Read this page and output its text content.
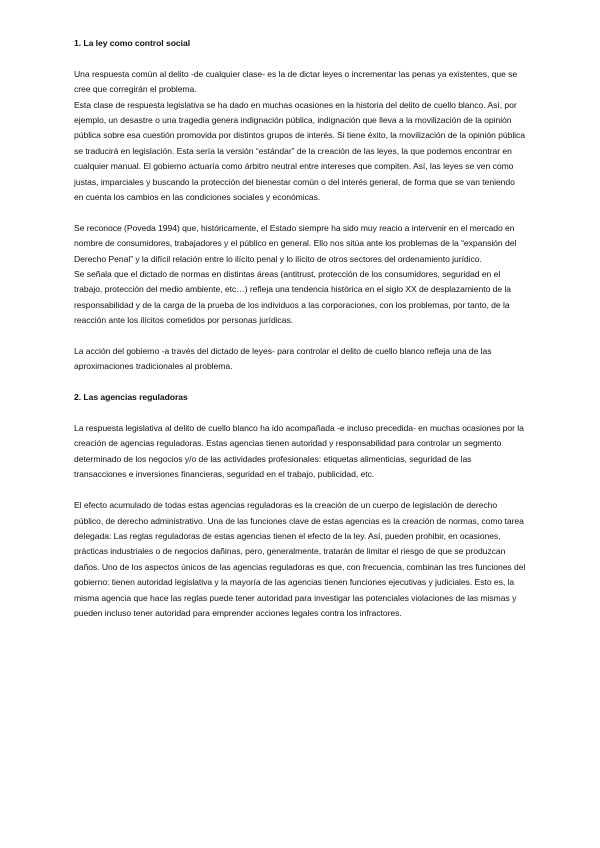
1. La ley como control social

Una respuesta común al delito -de cualquier clase- es la de dictar leyes o incrementar las penas ya existentes, que se cree que corregirán el problema.

Esta clase de respuesta legislativa se ha dado en muchas ocasiones en la historia del delito de cuello blanco. Así, por ejemplo, un desastre o una tragedia genera indignación pública, indignación que lleva a la movilización de la opinión pública sobre esa cuestión promovida por distintos grupos de interés. Si tiene éxito, la movilización de la opinión pública se traducirá en legislación. Esta sería la versión “estándar” de la creación de las leyes, la que podemos encontrar en cualquier manual. El gobierno actuaría como árbitro neutral entre intereses que compiten. Así, las leyes se ven como justas, imparciales y buscando la protección del bienestar común o del interés general, de forma que se van teniendo en cuenta los cambios en las condiciones sociales y económicas.

Se reconoce (Poveda 1994) que, históricamente, el Estado siempre ha sido muy reacio a intervenir en el mercado en nombre de consumidores, trabajadores y el público en general. Ello nos sitúa ante los problemas de la “expansión del Derecho Penal” y la difícil relación entre lo ilícito penal y lo ilícito de otros sectores del ordenamiento jurídico.

Se señala que el dictado de normas en distintas áreas (antitrust, protección de los consumidores, seguridad en el trabajo, protección del medio ambiente, etc…) refleja una tendencia histórica en el siglo XX de desplazamiento de la responsabilidad y de la carga de la prueba de los individuos a las corporaciones, con los problemas, por tanto, de la reacción ante los ilícitos cometidos por personas jurídicas.

La acción del gobierno -a través del dictado de leyes- para controlar el delito de cuello blanco refleja una de las aproximaciones tradicionales al problema.

2. Las agencias reguladoras

La respuesta legislativa al delito de cuello blanco ha ido acompañada -e incluso precedida- en muchas ocasiones por la creación de agencias reguladoras. Estas agencias tienen autoridad y responsabilidad para controlar un segmento determinado de los negocios y/o de las actividades profesionales: etiquetas alimenticias, seguridad de las transacciones e inversiones financieras, seguridad en el trabajo, publicidad, etc.

El efecto acumulado de todas estas agencias reguladoras es la creación de un cuerpo de legislación de derecho público, de derecho administrativo. Una de las funciones clave de estas agencias es la creación de normas, como tarea delegada: Las reglas reguladoras de estas agencias tienen el efecto de la ley. Así, pueden prohibir, en ocasiones, prácticas industriales o de negocios dañinas, pero, generalmente, tratarán de limitar el riesgo de que se produzcan daños. Uno de los aspectos únicos de las agencias reguladoras es que, con frecuencia, combinan las tres funciones del gobierno: tienen autoridad legislativa y la mayoría de las agencias tienen funciones ejecutivas y judiciales. Esto es, la misma agencia que hace las reglas puede tener autoridad para investigar las potenciales violaciones de las mismas y pueden incluso tener autoridad para emprender acciones legales contra los infractores.
